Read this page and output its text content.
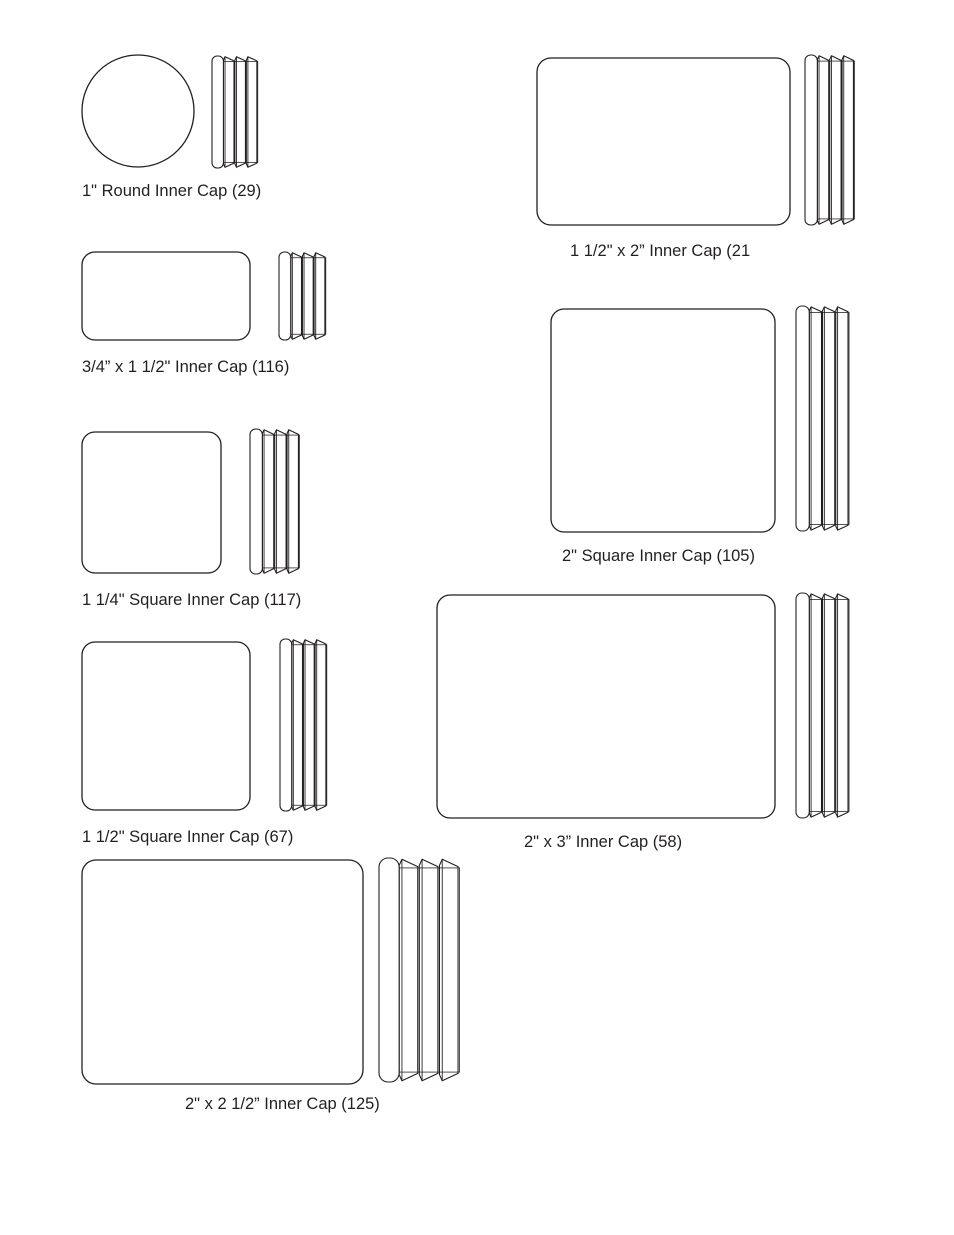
1" Round Inner Cap (29)
1 1/2" x 2” Inner Cap (21
3/4” x 1 1/2" Inner Cap (116)
2" Square Inner Cap (105)
1 1/4" Square Inner Cap (117)
2" x 3” Inner Cap (58)
1 1/2" Square Inner Cap (67)
2" x 2 1/2” Inner Cap (125)
